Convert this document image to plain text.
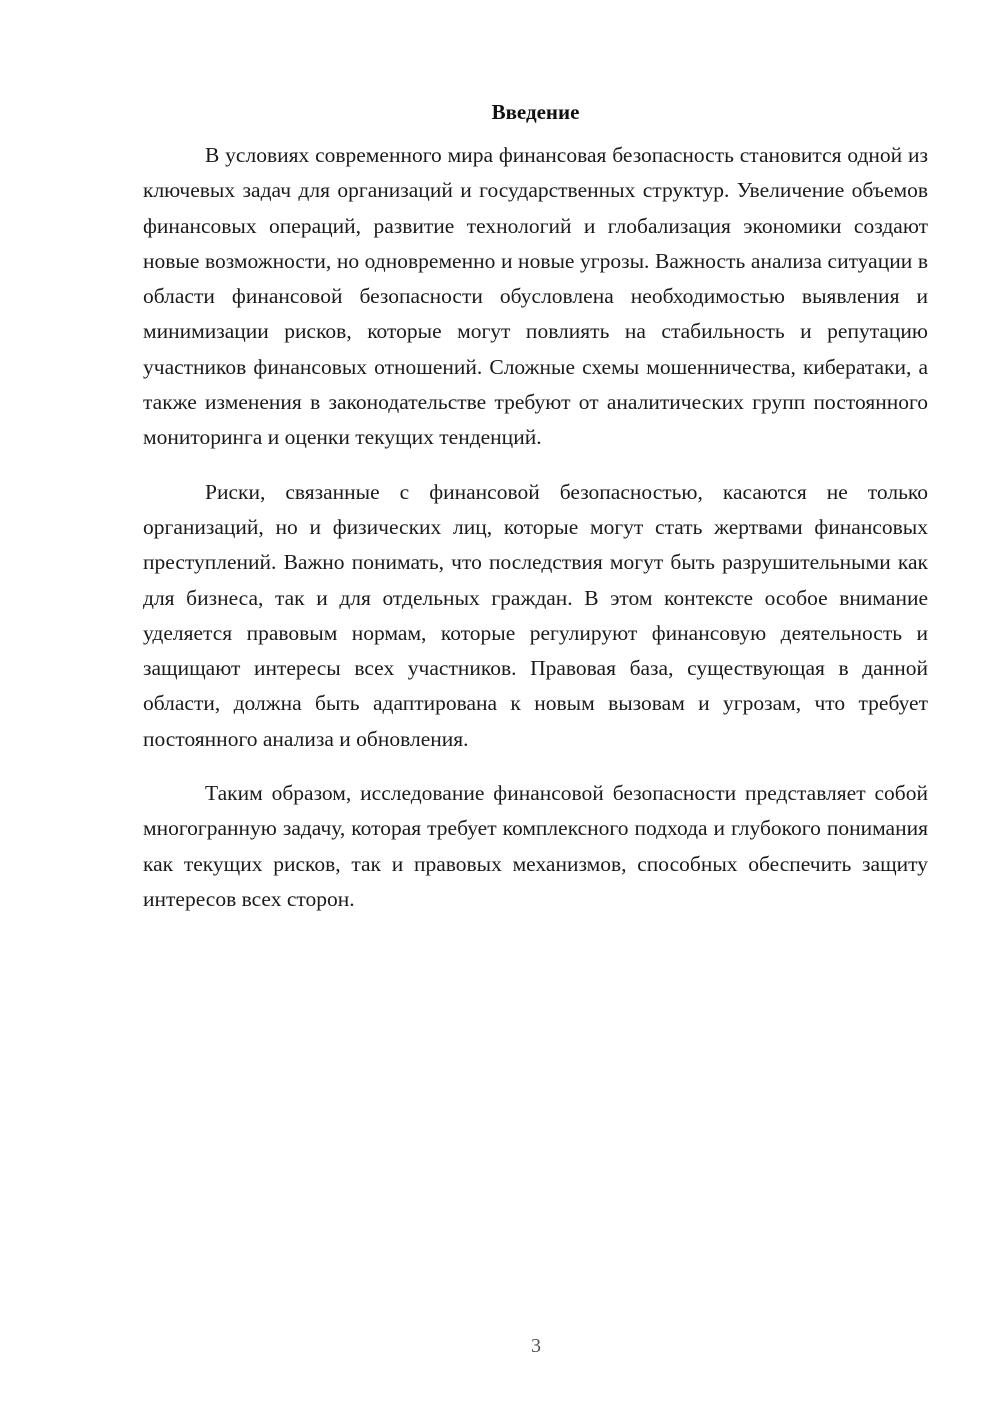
Введение

В условиях современного мира финансовая безопасность становится одной из ключевых задач для организаций и государственных структур. Увеличение объемов финансовых операций, развитие технологий и глобализация экономики создают новые возможности, но одновременно и новые угрозы. Важность анализа ситуации в области финансовой безопасности обусловлена необходимостью выявления и минимизации рисков, которые могут повлиять на стабильность и репутацию участников финансовых отношений. Сложные схемы мошенничества, кибератаки, а также изменения в законодательстве требуют от аналитических групп постоянного мониторинга и оценки текущих тенденций.

Риски, связанные с финансовой безопасностью, касаются не только организаций, но и физических лиц, которые могут стать жертвами финансовых преступлений. Важно понимать, что последствия могут быть разрушительными как для бизнеса, так и для отдельных граждан. В этом контексте особое внимание уделяется правовым нормам, которые регулируют финансовую деятельность и защищают интересы всех участников. Правовая база, существующая в данной области, должна быть адаптирована к новым вызовам и угрозам, что требует постоянного анализа и обновления.

Таким образом, исследование финансовой безопасности представляет собой многогранную задачу, которая требует комплексного подхода и глубокого понимания как текущих рисков, так и правовых механизмов, способных обеспечить защиту интересов всех сторон.

3
